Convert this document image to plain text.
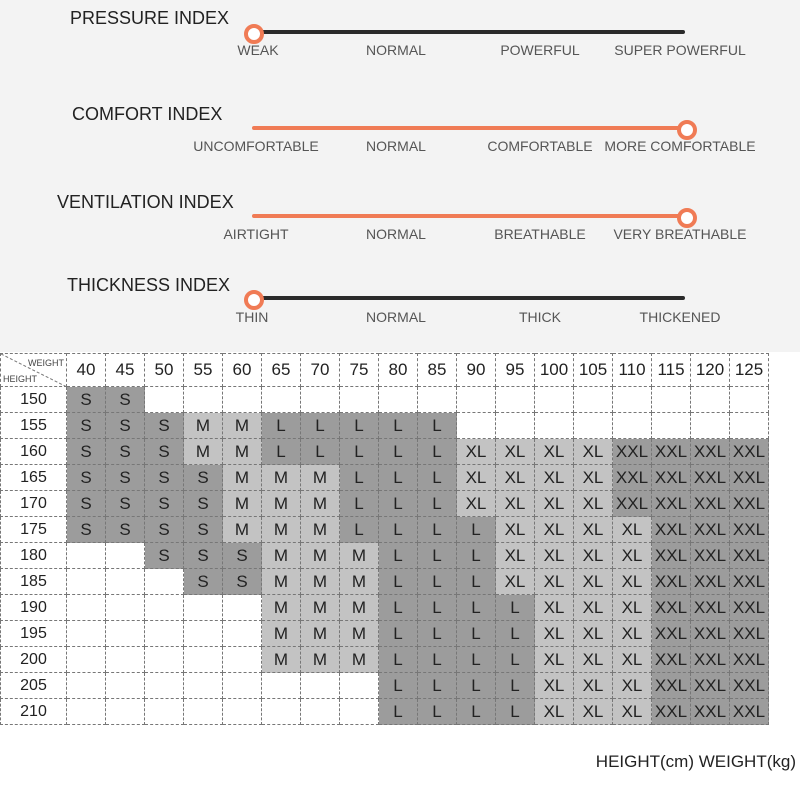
PRESSURE INDEX
WEAK	NORMAL	POWERFUL SUPER POWERFUL
COMFORT INDEX
UNCOMFORTABLE	NORMAL	COMFORTABLE MORE COMFORTABLE
VENTILATION INDEX
AIRTIGHT	NORMAL	BREATHABLE VERY BREATHABLE
THICKNESS INDEX
THIN	NORMAL	THICK	THICKENED
WEIGHT
HEIGHT	40	45	50	55	60	65	70	75	80	85	90	95	100	105	110	115	120	125
150	S	S																
155	S	S	S	M	M	L	L	L	L	L								
160	S	S	S	M	M	L	L	L	L	L	XL	XL	XL	XL	XXL	XXL	XXL	XXL
165	S	S	S	S	M	M	M	L	L	L	XL	XL	XL	XL	XXL	XXL	XXL	XXL
170	S	S	S	S	M	M	M	L	L	L	XL	XL	XL	XL	XXL	XXL	XXL	XXL
175	S	S	S	S	M	M	M	L	L	L	L	XL	XL	XL	XL	XXL	XXL	XXL
180			S	S	S	M	M	M	L	L	L	XL	XL	XL	XL	XXL	XXL	XXL
185				S	S	M	M	M	L	L	L	XL	XL	XL	XL	XXL	XXL	XXL
190						M	M	M	L	L	L	L	XL	XL	XL	XXL	XXL	XXL
195						M	M	M	L	L	L	L	XL	XL	XL	XXL	XXL	XXL
200						M	M	M	L	L	L	L	XL	XL	XL	XXL	XXL	XXL
205									L	L	L	L	XL	XL	XL	XXL	XXL	XXL
210									L	L	L	L	XL	XL	XL	XXL	XXL	XXL
HEIGHT(cm) WEIGHT(kg)
